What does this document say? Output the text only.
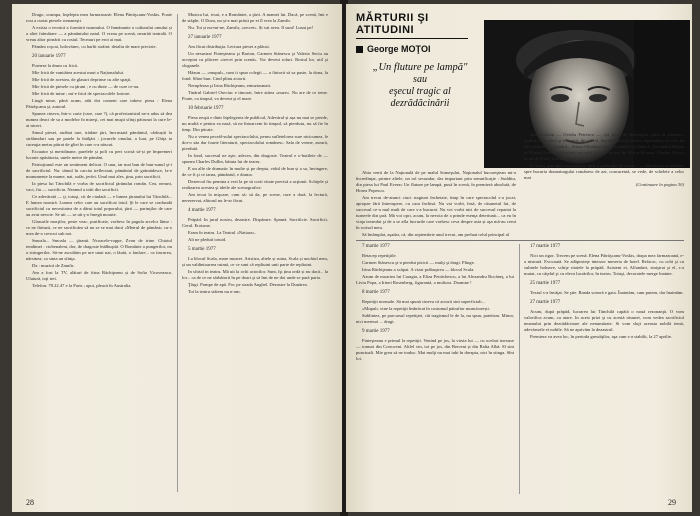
Drago, scumpa, înţeleptа mea farmазоаnă: Elena Pătrăşcanu-Voskis. Poate rost a curtat piesele romaneşti.

A exista o tecnică a formării noumului. O înmănunte a culturului omului și a altei frămâtare — a pământului natal. O vreau pe scenă, nerarăă teatrală. O vreau altor pirnării cu rostul. Tecmuri pe eroi ai mai.

Pământ roşcat, holováneс, cu harîti străini: detaliu de mare precizie.

20 ianuarie 1977

Pornese la drum cu frică.

Mie frică de vanitătea acestui mari a Naționalului.

Mie frică de acestea, de glasuri deprinse cu alte spaţii.

Mie frică de piesele cu ţărani ; e cu dinte — de cure ce-au.

Mie frică de mine ; mi-e frică de spectacolele fostore.

Lingă mine, până acum, atât doi comeni care iubesc piesa : Elena Pătrăşcanu şi, autorul.

Spunea cineva, într-o carte (care, care ?), că profesionistul ne-a adus să dea numea deaci de sa a modelor în mireşi, cei mai muşti sfinţi pătrunzi la cure le-ai nicert.

Simul piesei, atrăbat tare, trădate ţări, încrustată pământul, cârbuștii la strălunduri sau pe patele la înălţări ; jocurele omului, a luat, pe Ghiţa ia cureaţia metru pătrat de gliei în care o-a născut.

Escuator și meridinane, parelele și poli cu peri scrisă să-și pe împremeri lucrate apăsătoria, unele metre de pământ.

Patrioţiunul este un sentiment delicat. O unu, iar mai bun de bun-sunul şi-i de sacrificiul. Nu: tămul în carcăa ireflectant, pământul de grămădesce, la-e monumente la mame, nai, sufăr, jerfei. Unul mai ales, ţinu, prin sacrificii.

Ia piesa lui Tănchilă e vorba de sacrificiul ţărănului român. Cea, nerunt, vaci, fiu — sacrificiu. Neamul a trăit din sacrificii.

Ce adevărată — ţi, totuşi, cit de ciudată — e lumea ţăranului lui Tănchilă... E lumea noastră. Lumea celor care au sacrificat totul. Şi le care se confundă sacrificiul cu necesitatea de a dărui totul poporului, ţării — parinţilor de care au avut nevoie. Se uit — se uit ş-o înregă moarte.

Glasurile morţilor, peste veac, purificate, vorbesc în pagula arcelor lânse : ce ne fărtuză, ce ne sacrificăm să nu se se mai ducă «Metrul de pământ» cu-o mea de-a crescut sub noi.

Smoala... Smoala — ţăranii. Ncoacele-roppe, Zvon de trine. Chiotul tendimei : ciobenaleni, dor, de dragoste înălbuşită. O Românie a pungerilor, nu a stringerilor. Să-ne ascultăm pe ure unui nai, o lăută, o fanfare... ca tincurea, nărsinea, ca sinta un sfinţa.

Da : muzică de Zamfir.

Am a fost la TV, alături de frina Răchiţeanu și de Sofia Vicoveanca. Ulutură, toţi trei.

Telefon: 78.22.47 e la Paris ; apoi, pleacă în Australia.

Muzica lui, ivsai, e a României, a ţării. A mamei lui. Dacă, pe scenă, îmi e de stăpîn. O Doza, nu și-a mai prăsit pe ei îl vrea la Zamfir.

Nu. Tot și nu-mi-ne, Zamfir, «secret». Și vai avea. Il suni! Lusni pe!

27 ianuarie 1977

Am făcut distribuţia. Lectura piesei a plăcut.

Un nesustrat Finteşteanu şi Barton, Carmen Stănescu şi Valeria Seciu au acceptat cu plăcere «trecet prin scenă». Vor deveni roluri. Rostul lor, util şi sloganele.

Hăzun — «mupul», cum ii spun colegii — a fărtorit să sa paste, la dona, la fond. Sfine bun. Cind plinu actorii.

Nerupleasa şi Irina Răchiţeanu, entuziasmati.

Tinărul Gabriel Oseciuc e timorat, între atitea «nuze». Nu are de ce teme. Poate, cu timpul, va deveni şi el mare.

10 februarie 1977

Piesa reuşit e dintr înţelegerea de publicul, Adevărul și așa nu mai se pierde, nu multă e pentru ea nasă, să ne întoarcem în timpul, să pierdutu, nu să fie în timp. Din păcate.

Nu o venea peceăl-sului spectacolului, penru sufletelorea sure nicicumea, le dor-o săa dar foarte literaturii, spectacolului românesc. Sala de vreme, aseară, pierdută.

In fond, succesul ne aşte, adecea, din dragoste. Teatrul e o-butilete de — spunea Charles Dullin, bătuta lui de teatru.

E un alfe de dramatic în multe și pe drepta, vidul de bun și a sa, învingere, de ce fi şi ce iarna, pământul, e drama.

Dezeecul fiu pemina a vrei la pe să corti vitate precisă a acţiunii. Schiţele și realizarea acestea şi ideile ale scenografice.

Am tecut la mişcare, cum să: să da, pe scene, cure a dară, la lectură, nerezervat, alitorul nu le-ar făcut.

4 martie 1977

Prăpăd. In jurul nostru, dezastre. Dispărare. Spamă. Sacrificie. Sacrificii. Cerul. Eroisme.

Eram în teatru. La Teatrul «Nattara».

Alt ne pleduit totuid.

5 martie 1977

La blocul Scala, mare moaret. Aristiza, altele și ruina, Scala și unchiul meu, și un valdintoarrea ruimă, ce ce sunt câ repliuini unii parte de repliuini.

In sfirtal in teatru. Mă uit la ochi actorilor. Sunt, îşi ținu ordă și nu dacă... la lor... ca de ce ne sărbătorit în pe doari şi să îmi de ne doi unde se pară parta.

Ţârgi. Pompe de apă. Foc pe strada Anghel. Dezastre la Dunărea.

Tot la teatru stătem nu n-am.

28
MĂRTURII ŞI ATITUDINI
George MOŢOI
„Un fluture pe lampă"
sau
eşecul tragic al
dezrădăcinării

Abia venit de la Naţională de pe malul Someşului, Naţionalul bucureştean mi-a încredinţat, printre altele, un rol secundar, dar important prin semnificaţie : Sudditu, din piesa lui Paul Everac Un fluture pe lampă, pusă în scenă, în premieră absolută, de Horea Popescu.

Am trecut de-atunci ciuci stagiuni încheiate, timp în care spectacolul s-a jucat, apropae fără întrerupere, cu casa închisă. Nu vai vorbi, însă, de răsunetul lui, de succesul ce-a mul mult de care s-a bucurat. Nu voi vorbi nici de succesul repartat la turneele din ţară. Mă voi opri, acum, la nevoia de a prinde esenţa deteriunii... ca eu în viaţa teatrului şi de a se afla lucrurile care vorbesc ceva despre asta și aşa mă-au cerut în scrisul meu.

Să întâmplat, aşadar, că, din septembrie anul trecut, am preluat rolul principal al

spectacolului — Ovidiu Petrescu —, rol jucat de Rebengiuc până la sumarea. Suditu a fost deci şi el numit, de cel rol, lucrând până în prima săptămână, cu cele de ele colaborări la fondul... Anton Albuleasa jocul la fondul lui Dinică, Alexandru Repan şi Marian Hudac, alternând, au jucat în rolul doinei de Marin Moraru, Florina Grecu, în sel al Elicei Todoranovsa.

În aceeş gata-gata să epuizeze încă o generaţie de actori ! — fenomen rar întâlnit, spre bucuria dramaturgului românesc de azi, concurentă, se vede, de schelete a celor mai

(Continuare în pagina 30)

7 martie 1977

Reiacep repetiţiile.

Carmen Stănescu şi-a pierdut pisicii — mulţi şi dragi. Plinge.

Irina Răchiţeanu a scăpat. A vizat prăbuşirea — blocul Scala.

Azum de moartea lui Caragia, a Eliza Petrăchescu, a lui Alexandru Bocăneţ, a lui Liviu Popa, a Irinei Rosenberg, figurantă, a multora. Doamne !

8 martie 1977

Repetiţii normale. Să mai spună cineva că actorii sint superficiali...

«Mupul» vine la repetiţii îmbrăcat în costumul pătrafior muncitorești.

Subliniez, pe parcursul repetiţiei, cât tragismul le de la, nu spun, patetism. Minor, nici mereuri ... dragi.

9 martie 1977

Finteşteanu e primul la repetiţii. Venind pe jos, la virsta lui — cu ocelari inexuse — tomuri din Cotroceni. Altfel vin, tot pe jos, din Berceni și din Balta Albă. Sî sint punctuali. Mie greu să ne traduc. Mai mulţi nu mai iubi în dreapta, nici în stinga. Sînt loi.

17 martie 1977

Nici un rigor. Trecem pe scenă. Elena Pătrăşcanu-Voskis, drapa mea farmazoană, e-a nistrată. Evocaută. Se adăposteţe interzor meseria de hotel. Refacsc, cu ochi şi cu sulinele bolnave, schiţe ritaiele la prăpăd. Asistent ei, Alfandari, siniştrat şi el, s-a mutat, cu căţelul şi cu eleva lucrărilor, în teatru. Totuşi, decoratele merge înainte.

25 martie 1977

Textul s-a învăţat. Se ştie. Banda sonoră e gata. Înaintăm, cum putem, dar înaintăm.

27 martie 1977

Acum, după prăpăd, lucrarea lui Tănchilă capătă o nouă rezonanţă. O vom valorifica acum, cu atare. In acest prizi şi cu acestă răsunet, vom vedea sacrificiul neamului prin dezrădăcinare ale nenumărate. Si vom slujt aceasta nobilă temă, adevărurile ei nobile. Să ne aprivăm la dezastrul.

Premiera va avea loc, în perioda greutăţilor, aşa cum s-a stabilit, la 27 aprilie.

29
